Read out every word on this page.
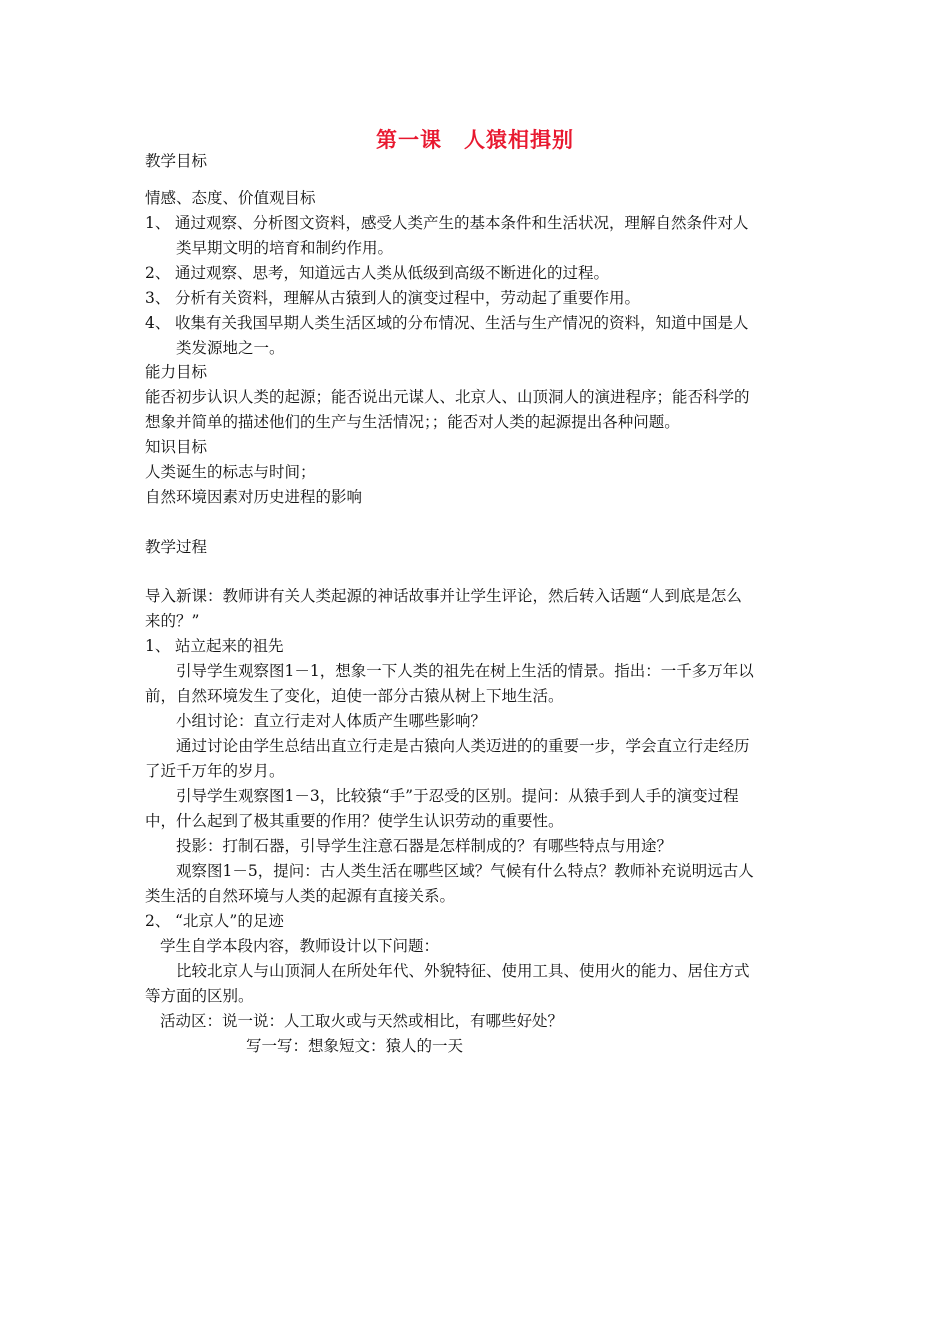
第一课　人猿相揖别
教学目标
情感、态度、价值观目标
1、 通过观察、分析图文资料，感受人类产生的基本条件和生活状况，理解自然条件对人
类早期文明的培育和制约作用。
2、 通过观察、思考，知道远古人类从低级到高级不断进化的过程。
3、 分析有关资料，理解从古猿到人的演变过程中，劳动起了重要作用。
4、 收集有关我国早期人类生活区域的分布情况、生活与生产情况的资料，知道中国是人
类发源地之一。
能力目标
能否初步认识人类的起源；能否说出元谋人、北京人、山顶洞人的演进程序；能否科学的
想象并简单的描述他们的生产与生活情况；；能否对人类的起源提出各种问题。
知识目标
人类诞生的标志与时间；
自然环境因素对历史进程的影响
教学过程
导入新课：教师讲有关人类起源的神话故事并让学生评论，然后转入话题“人到底是怎么
来的？”
1、 站立起来的祖先
引导学生观察图1－1，想象一下人类的祖先在树上生活的情景。指出：一千多万年以
前，自然环境发生了变化，迫使一部分古猿从树上下地生活。
小组讨论：直立行走对人体质产生哪些影响？
通过讨论由学生总结出直立行走是古猿向人类迈进的的重要一步，学会直立行走经历
了近千万年的岁月。
引导学生观察图1－3，比较猿“手”于忍受的区别。提问：从猿手到人手的演变过程
中，什么起到了极其重要的作用？使学生认识劳动的重要性。
投影：打制石器，引导学生注意石器是怎样制成的？有哪些特点与用途？
观察图1－5，提问：古人类生活在哪些区域？气候有什么特点？教师补充说明远古人
类生活的自然环境与人类的起源有直接关系。
2、 “北京人”的足迹
学生自学本段内容，教师设计以下问题：
比较北京人与山顶洞人在所处年代、外貌特征、使用工具、使用火的能力、居住方式
等方面的区别。
活动区：说一说：人工取火或与天然或相比，有哪些好处？
写一写：想象短文：猿人的一天
